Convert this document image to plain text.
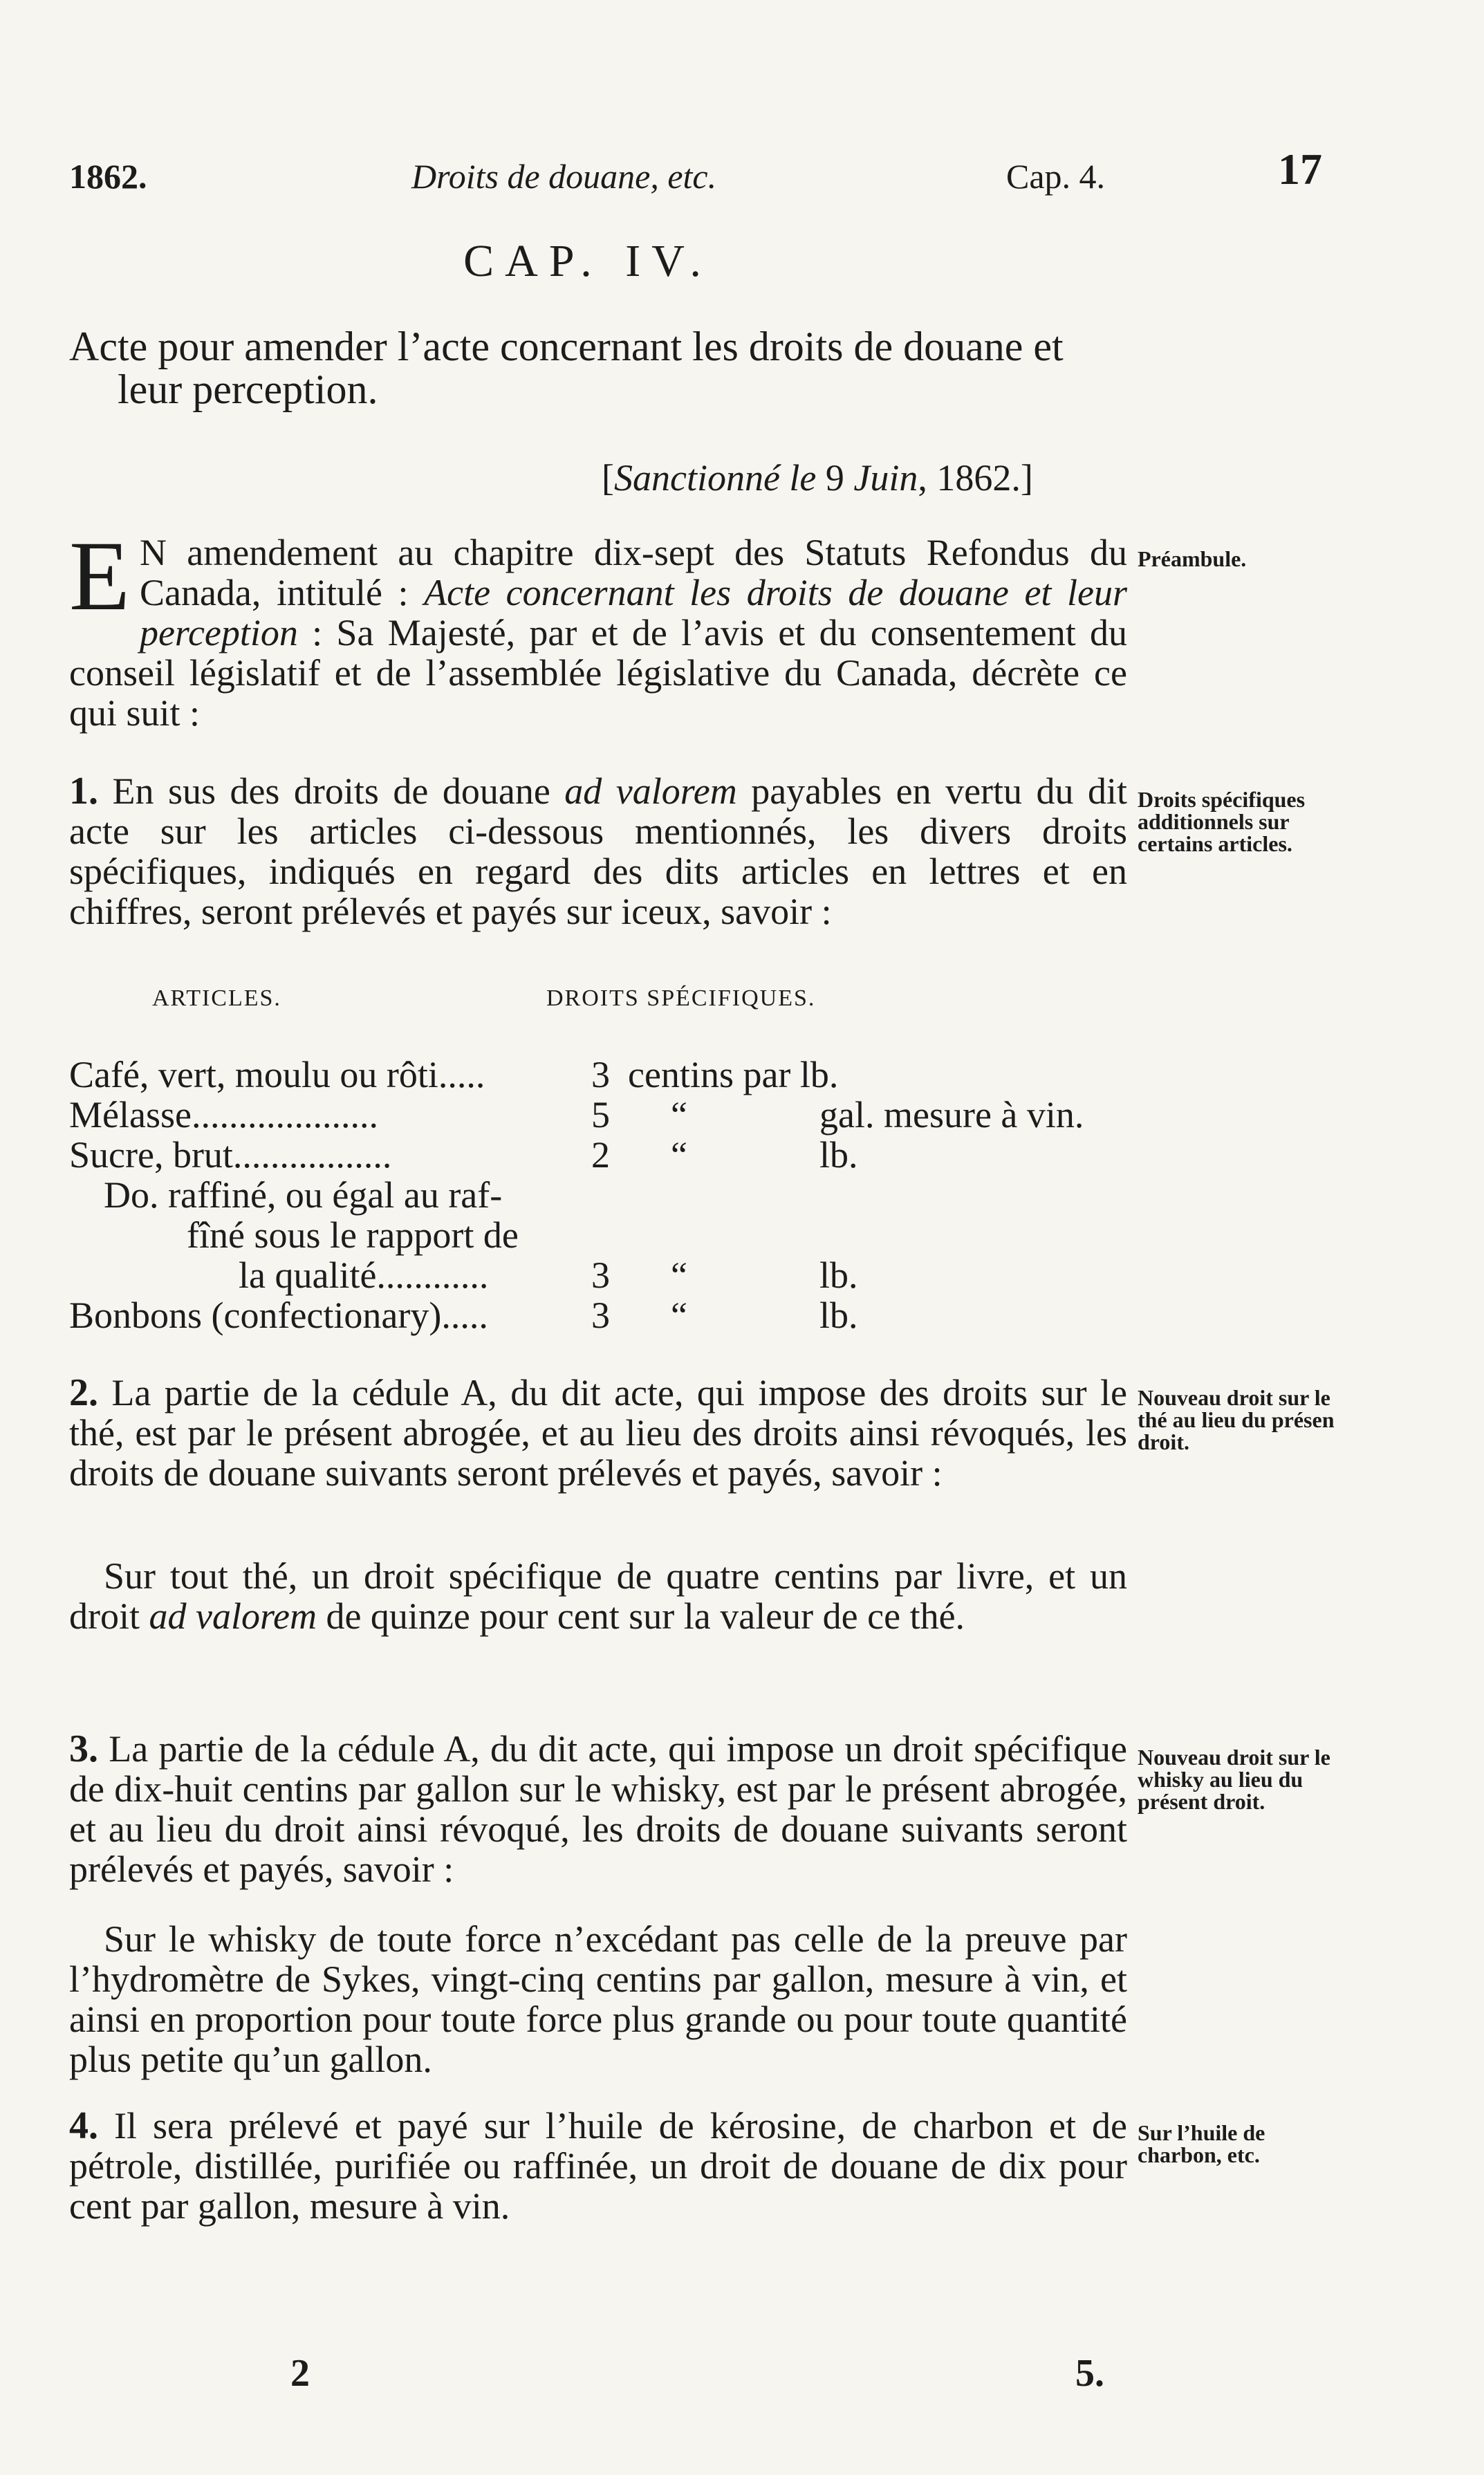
1862.	Droits de douane, etc.	Cap. 4.	17
CAP. IV.
Acte pour amender l’acte concernant les droits de douane et leur perception.
[Sanctionné le 9 Juin, 1862.]
E N amendement au chapitre dix-sept des Statuts Refondus du Canada, intitulé : Acte concernant les droits de douane et leur perception : Sa Majesté, par et de l’avis et du consentement du conseil législatif et de l’assemblée législative du Canada, décrète ce qui suit :
Préambule.
1. En sus des droits de douane ad valorem payables en vertu du dit acte sur les articles ci-dessous mentionnés, les divers droits spécifiques, indiqués en regard des dits articles en lettres et en chiffres, seront prélevés et payés sur iceux, savoir :
Droits spécifiques additionnels sur certains articles.
ARTICLES.	DROITS SPÉCIFIQUES.
Café, vert, moulu ou rôti.....	3 centins par lb.
Mélasse....................	5 “	gal. mesure à vin.
Sucre, brut.................	2 “	lb.
Do. raffiné, ou égal au raf-
fîné sous le rapport de
la qualité............	3 “	lb.
Bonbons (confectionary).....	3 “	lb.
2. La partie de la cédule A, du dit acte, qui impose des droits sur le thé, est par le présent abrogée, et au lieu des droits ainsi révoqués, les droits de douane suivants seront prélevés et payés, savoir :
Nouveau droit sur le thé au lieu du présen droit.
Sur tout thé, un droit spécifique de quatre centins par livre, et un droit ad valorem de quinze pour cent sur la valeur de ce thé.
3. La partie de la cédule A, du dit acte, qui impose un droit spécifique de dix-huit centins par gallon sur le whisky, est par le présent abrogée, et au lieu du droit ainsi révoqué, les droits de douane suivants seront prélevés et payés, savoir :
Nouveau droit sur le whisky au lieu du présent droit.
Sur le whisky de toute force n’excédant pas celle de la preuve par l’hydromètre de Sykes, vingt-cinq centins par gallon, mesure à vin, et ainsi en proportion pour toute force plus grande ou pour toute quantité plus petite qu’un gallon.
4. Il sera prélevé et payé sur l’huile de kérosine, de charbon et de pétrole, distillée, purifiée ou raffinée, un droit de douane de dix pour cent par gallon, mesure à vin.
Sur l’huile de charbon, etc.
2	5.
